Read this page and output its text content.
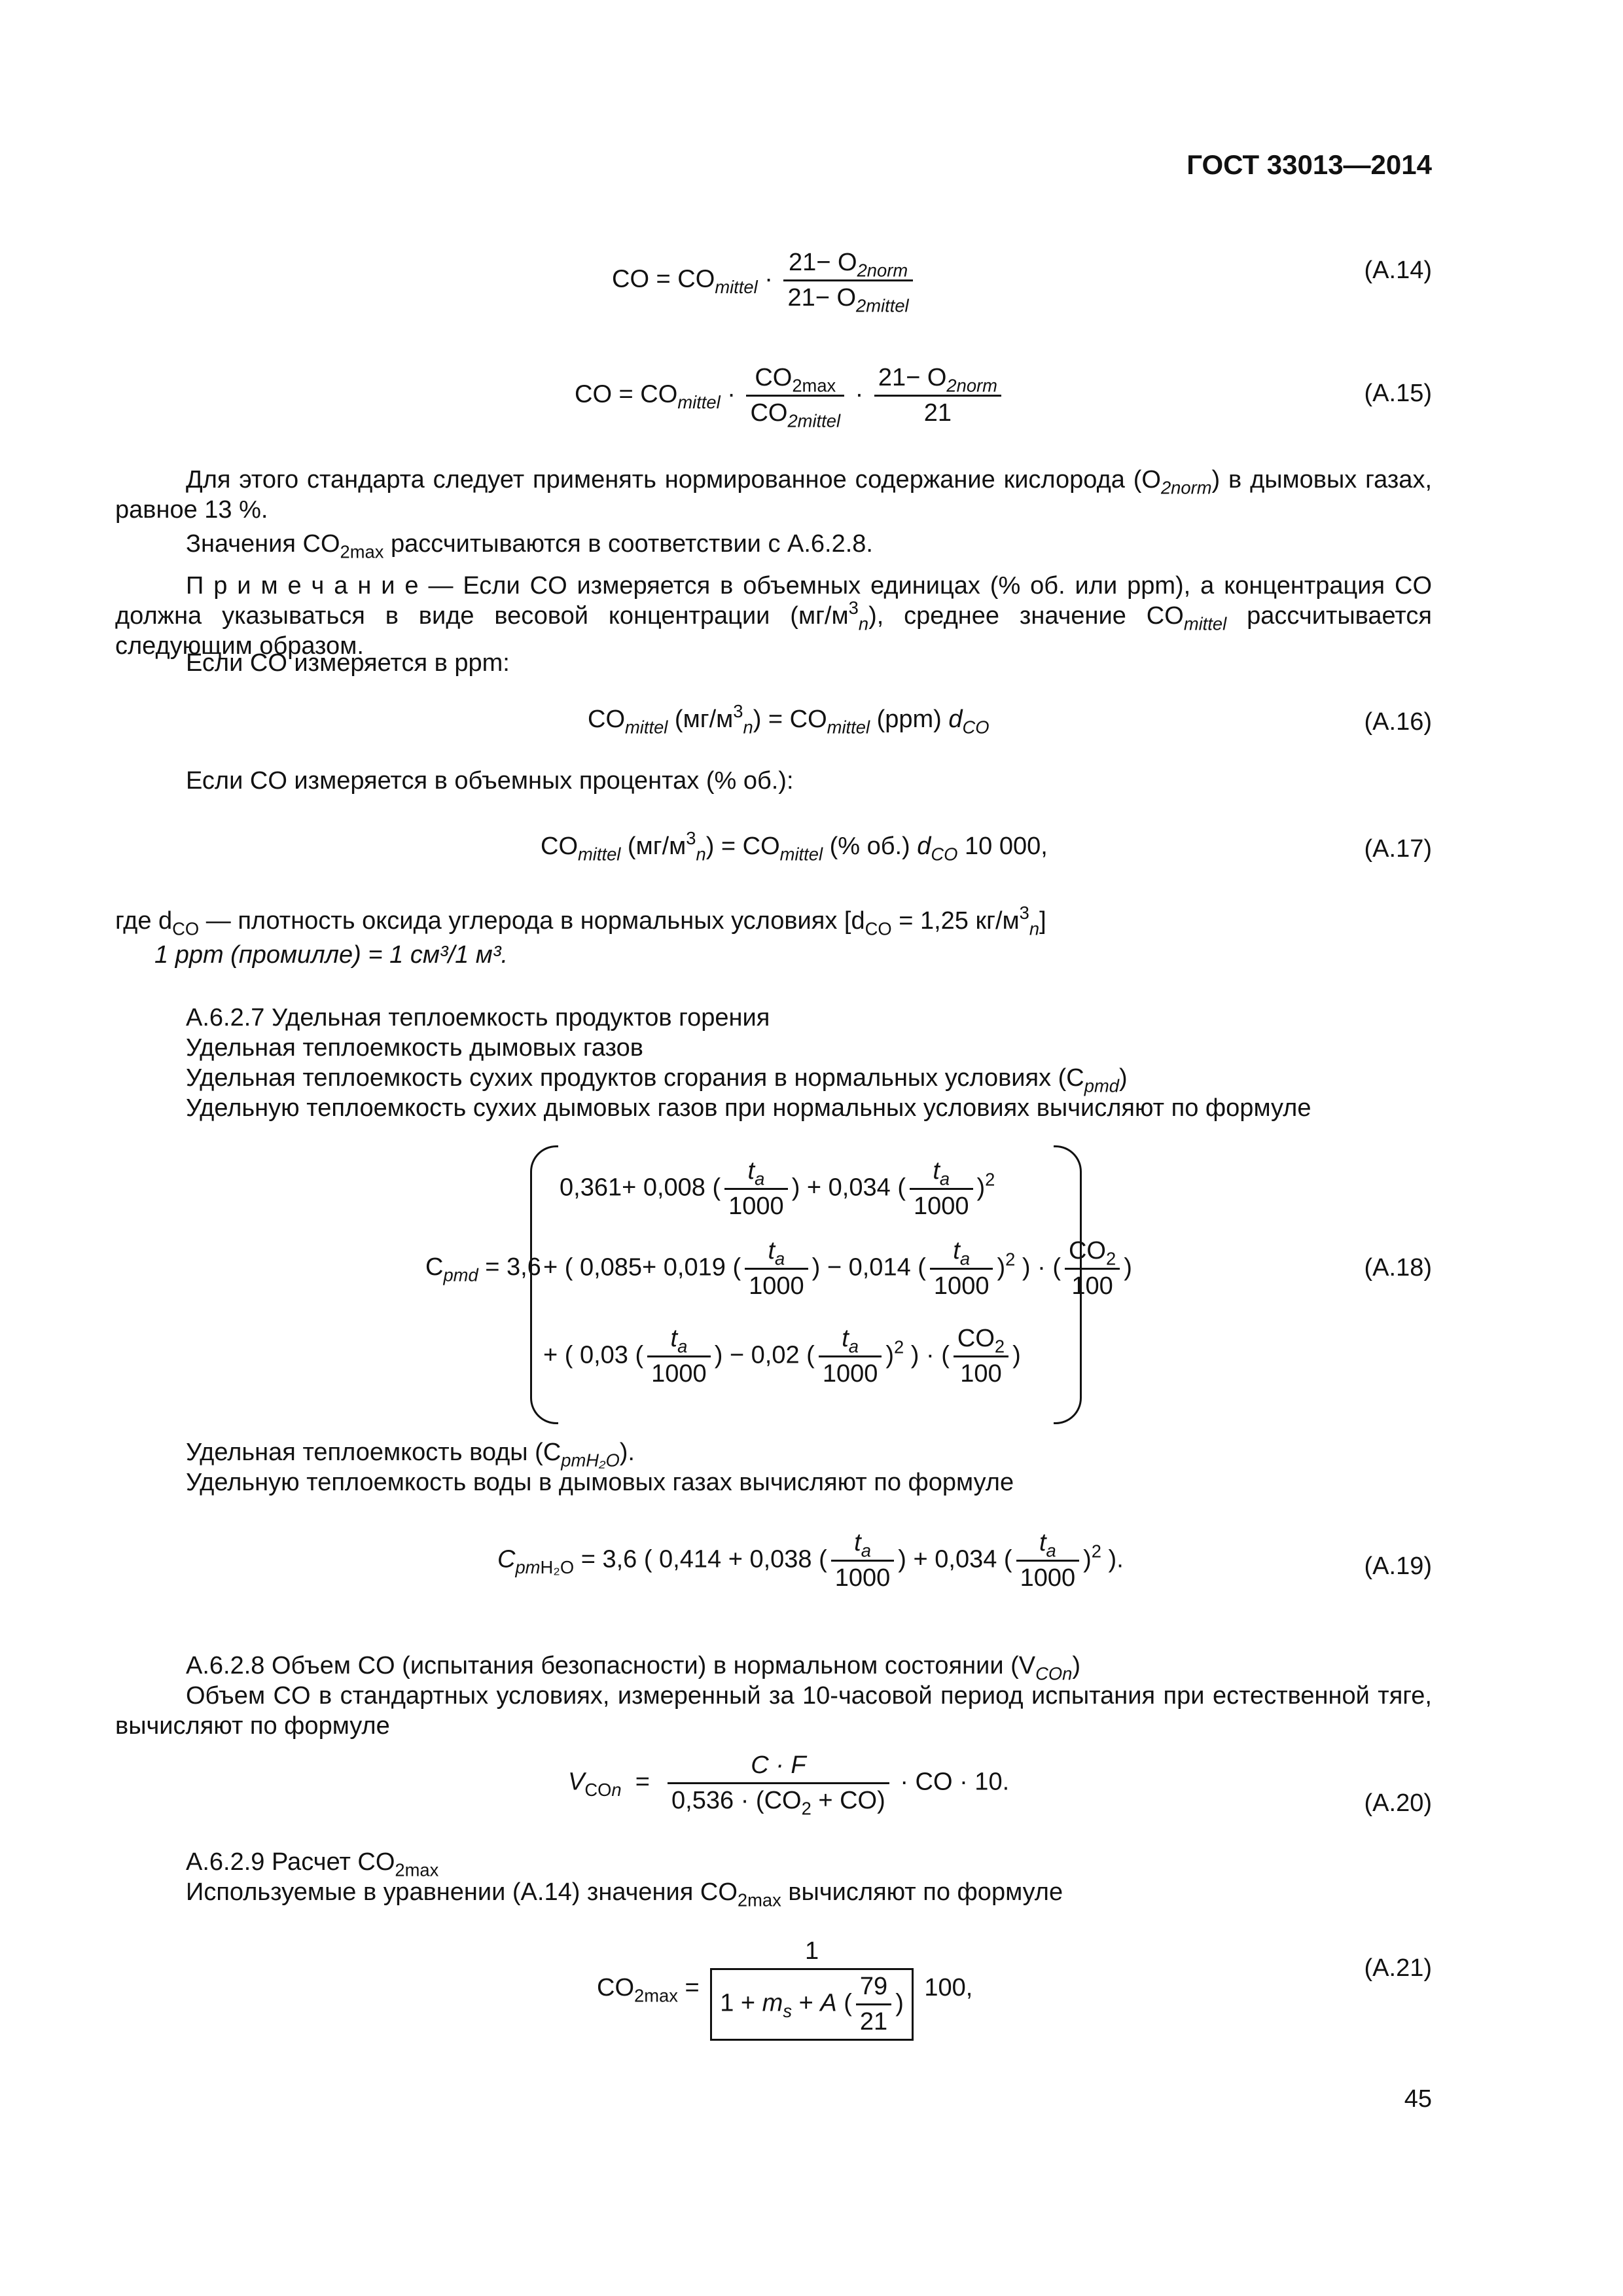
ГОСТ 33013—2014
CO = $CO_{mittel} \cdot \frac{21- O_{2norm}}{21- O_{2mittel}}$	(А.14)
CO = $CO_{mittel} \cdot \frac{CO_{2max}}{CO_{2mittel}} \cdot \frac{21- O_{2norm}}{21}$	(А.15)
Для этого стандарта следует применять нормированное содержание кислорода $(O_{2norm})$ в дымовых газах, равное 13 %.
Значения $CO_{2max}$ рассчитываются в соответствии с А.6.2.8.
П р и м е ч а н и е — Если CO измеряется в объемных единицах (% об. или ppm), а концентрация CO должна указываться в виде весовой концентрации $(мг/м^3_n)$, среднее значение $CO_{mittel}$ рассчитывается следующим образом.
Если CO измеряется в ppm:
$CO_{mittel}$ $(мг/м^3_n) = CO_{mittel}$ (ppm) $d_{CO}$	(А.16)
Если CO измеряется в объемных процентах (% об.):
$CO_{mittel}$ $(мг/м^3_n) = CO_{mittel}$ (% об.) $d_{CO}$ 10 000,	(А.17)
где $d_{CO}$ — плотность оксида углерода в нормальных условиях [$d_{CO} = 1,25$ $кг/м^3_n$]
1 ppm (промилле) = 1 см³/1 м³.
А.6.2.7 Удельная теплоемкость продуктов горения
Удельная теплоемкость дымовых газов
Удельная теплоемкость сухих продуктов сгорания в нормальных условиях $(C_{pmd})$
Удельную теплоемкость сухих дымовых газов при нормальных условиях вычисляют по формуле
$C_{pmd} = 3,6$
0,361+ 0,008 ( $\frac{t_a}{1000}$ ) + 0,034 ( $\frac{t_a}{1000} )^2$
+ ( 0,085+ 0,019 ( $\frac{t_a}{1000}$ ) − 0,014 ( $\frac{t_a}{1000} )^2$ ) · ( $\frac{CO_2}{100}$ )
+ ( 0,03 ( $\frac{t_a}{1000}$ ) − 0,02 ( $\frac{t_a}{1000} )^2$ ) · ( $\frac{CO_2}{100}$ )
(А.18)
Удельная теплоемкость воды $(C_{pmH_2O})$.
Удельную теплоемкость воды в дымовых газах вычисляют по формуле
$C_{pmH_2O} = 3,6$ ( 0,414 + 0,038 ( $\frac{t_a}{1000}$ ) + 0,034 ( $\frac{t_a}{1000} )^2$ ).	(А.19)
А.6.2.8 Объем CO (испытания безопасности) в нормальном состоянии $(V_{COn})$
Объем CO в стандартных условиях, измеренный за 10-часовой период испытания при естественной тяге, вычисляют по формуле
$V_{COn} = \frac{C \cdot F}{0,536 \cdot (CO_2 + CO)}$ · CO · 10.
(А.20)
А.6.2.9 Расчет $CO_{2max}$
Используемые в уравнении (А.14) значения $CO_{2max}$ вычисляют по формуле
$CO_{2max} = \frac{1}{1 + m_s + A ( \frac{79}{21} )} 100$,
(А.21)
45
